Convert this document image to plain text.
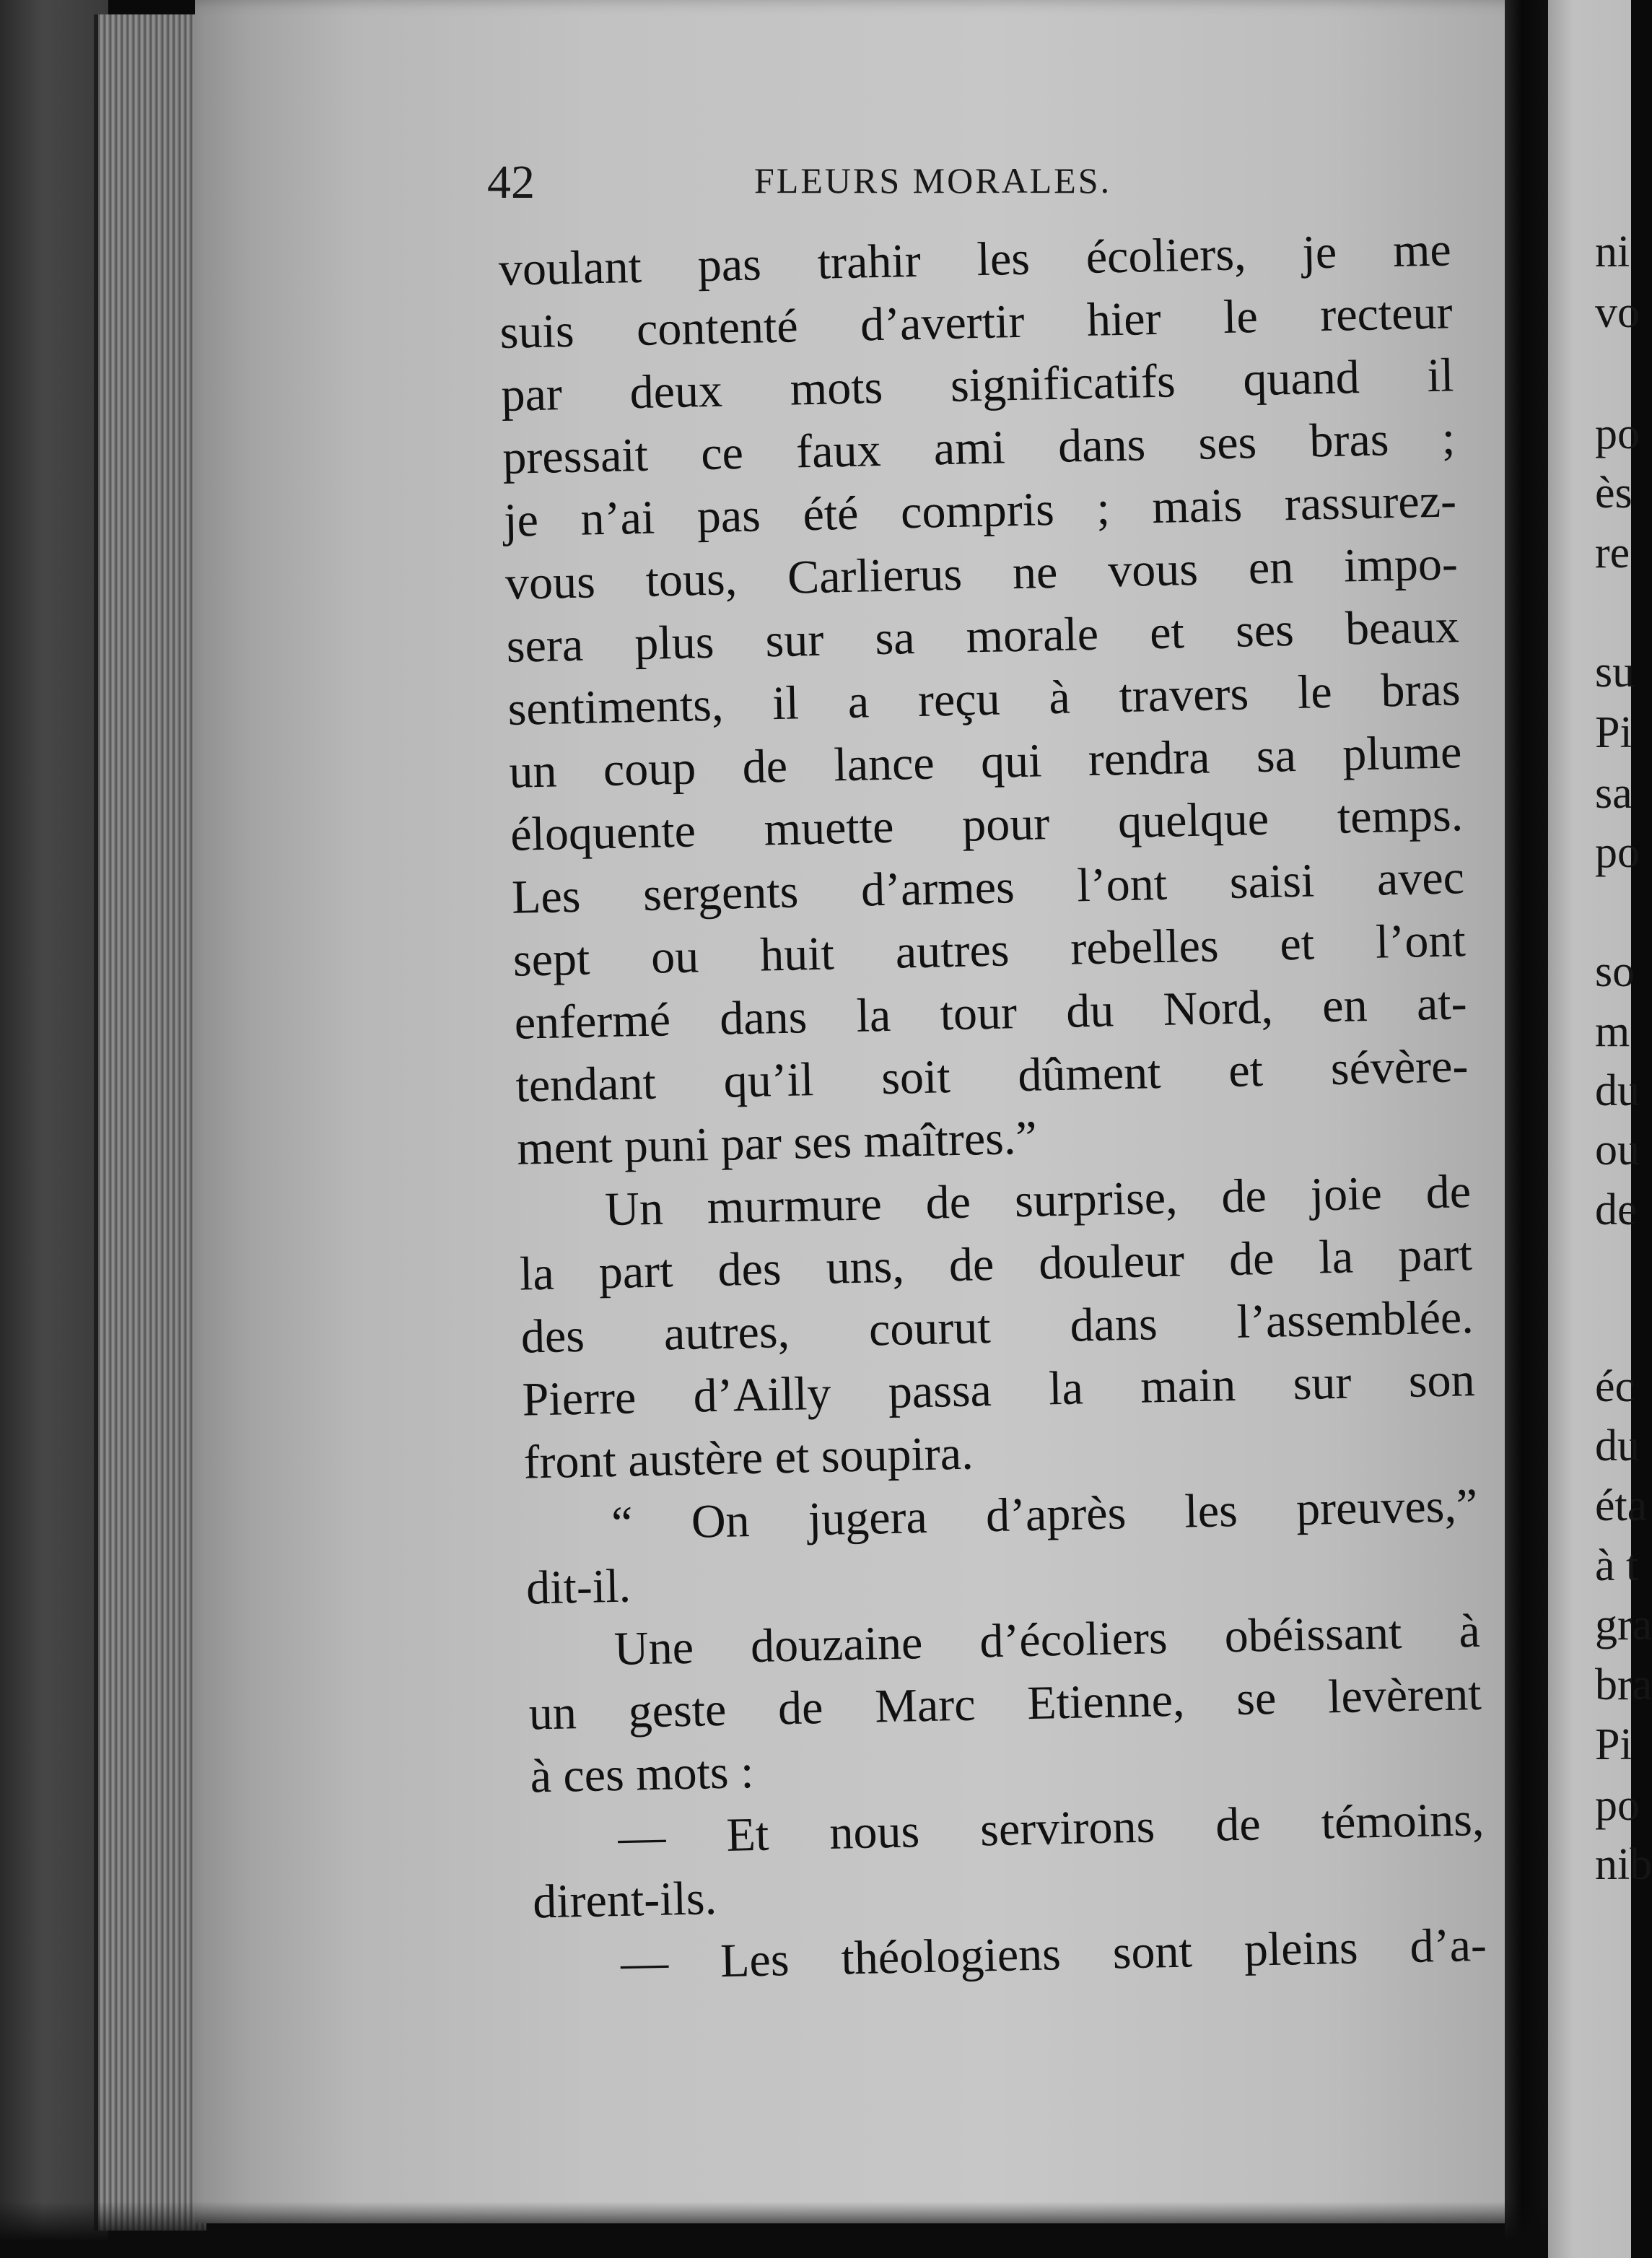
ni
vo
po
ès
re
su
Pi
sa
po
so
m
du
ou
de
éc
du
éta
à t
gra
bra
Pi
po
nib
42	FLEURS MORALES.
voulant pas trahir les écoliers, je me
suis contenté d’avertir hier le recteur
par deux mots significatifs quand il
pressait ce faux ami dans ses bras ;
je n’ai pas été compris ; mais rassurez-
vous tous, Carlierus ne vous en impo-
sera plus sur sa morale et ses beaux
sentiments, il a reçu à travers le bras
un coup de lance qui rendra sa plume
éloquente muette pour quelque temps.
Les sergents d’armes l’ont saisi avec
sept ou huit autres rebelles et l’ont
enfermé dans la tour du Nord, en at-
tendant qu’il soit dûment et sévère-
ment puni par ses maîtres.”
Un murmure de surprise, de joie de
la part des uns, de douleur de la part
des autres, courut dans l’assemblée.
Pierre d’Ailly passa la main sur son
front austère et soupira.
“ On jugera d’après les preuves,”
dit-il.
Une douzaine d’écoliers obéissant à
un geste de Marc Etienne, se levèrent
à ces mots :
— Et nous servirons de témoins,
dirent-ils.
— Les théologiens sont pleins d’a-
